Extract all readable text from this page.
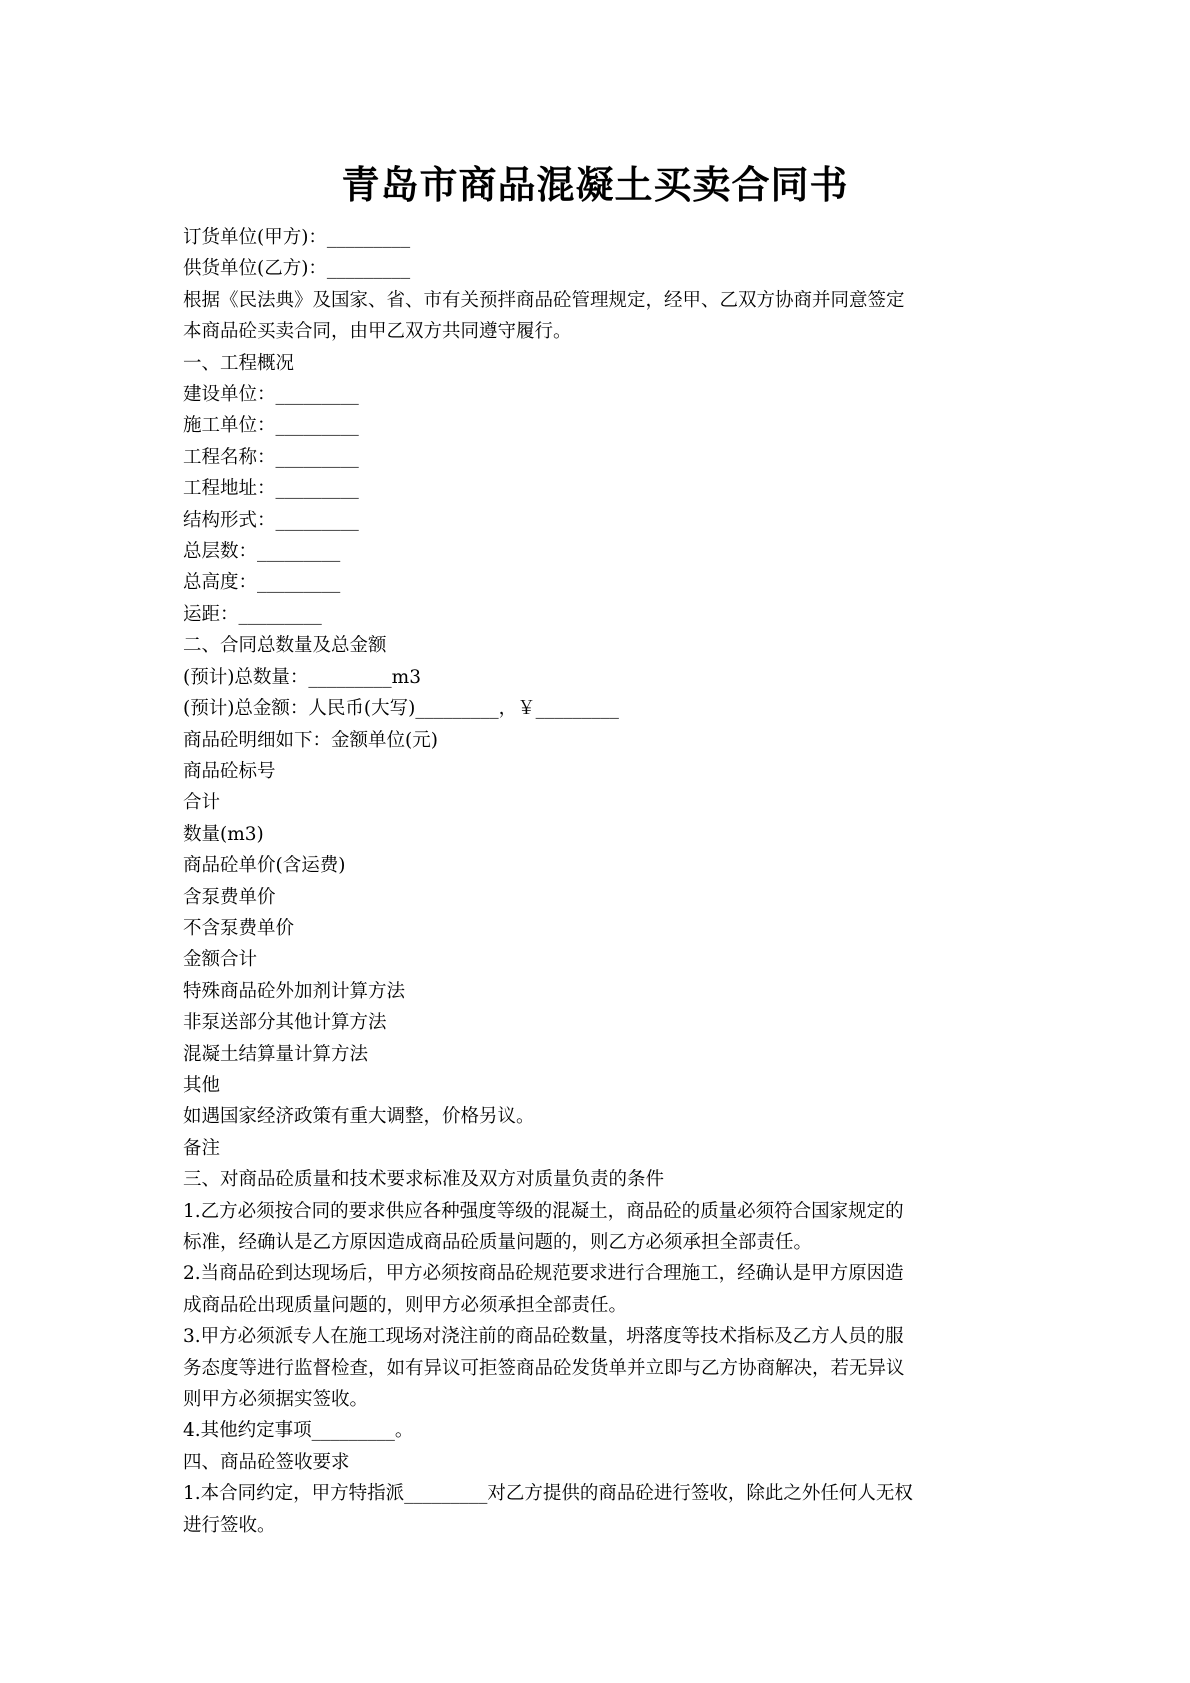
青岛市商品混凝土买卖合同书

订货单位(甲方)：_________

供货单位(乙方)：_________

根据《民法典》及国家、省、市有关预拌商品砼管理规定，经甲、乙双方协商并同意签定

本商品砼买卖合同，由甲乙双方共同遵守履行。

一、工程概况

建设单位：_________

施工单位：_________

工程名称：_________

工程地址：_________

结构形式：_________

总层数：_________

总高度：_________

运距：_________

二、合同总数量及总金额

(预计)总数量：_________m3

(预计)总金额：人民币(大写)_________，￥_________

商品砼明细如下：金额单位(元)

商品砼标号

合计

数量(m3)

商品砼单价(含运费)

含泵费单价

不含泵费单价

金额合计

特殊商品砼外加剂计算方法

非泵送部分其他计算方法

混凝土结算量计算方法

其他

如遇国家经济政策有重大调整，价格另议。

备注

三、对商品砼质量和技术要求标准及双方对质量负责的条件

1.乙方必须按合同的要求供应各种强度等级的混凝土，商品砼的质量必须符合国家规定的

标准，经确认是乙方原因造成商品砼质量问题的，则乙方必须承担全部责任。

2.当商品砼到达现场后，甲方必须按商品砼规范要求进行合理施工，经确认是甲方原因造

成商品砼出现质量问题的，则甲方必须承担全部责任。

3.甲方必须派专人在施工现场对浇注前的商品砼数量，坍落度等技术指标及乙方人员的服

务态度等进行监督检查，如有异议可拒签商品砼发货单并立即与乙方协商解决，若无异议

则甲方必须据实签收。

4.其他约定事项_________。

四、商品砼签收要求

1.本合同约定，甲方特指派_________对乙方提供的商品砼进行签收，除此之外任何人无权

进行签收。
